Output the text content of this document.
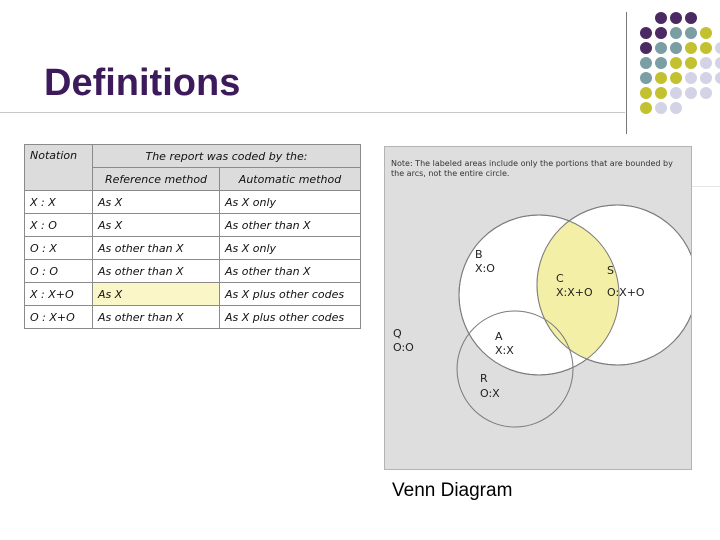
Definitions
Notation	The report was coded by the:	
	Reference method	Automatic method
X : X	As X	As X only
X : O	As X	As other than X
O : X	As other than X	As X only
O : O	As other than X	As other than X
X : X+O	As X	As X plus other codes
O : X+O	As other than X	As X plus other codes
Note: The labeled areas include only the portions that are bounded by the arcs, not the entire circle.
B
X:O
C
X:X+O
S
O:X+O
Q
O:O
A
X:X
R
O:X
Venn Diagram
